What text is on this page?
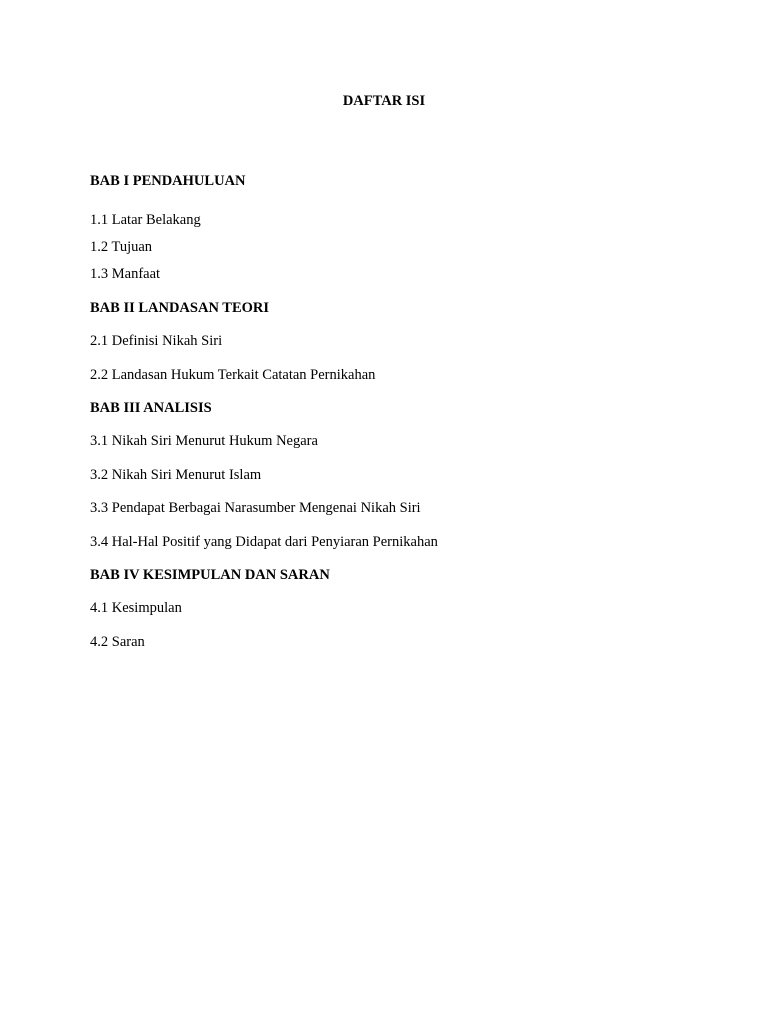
DAFTAR ISI
BAB I PENDAHULUAN
1.1 Latar Belakang
1.2 Tujuan
1.3 Manfaat
BAB II LANDASAN TEORI
2.1 Definisi Nikah Siri
2.2 Landasan Hukum Terkait Catatan Pernikahan
BAB III ANALISIS
3.1 Nikah Siri Menurut Hukum Negara
3.2 Nikah Siri Menurut Islam
3.3 Pendapat Berbagai Narasumber Mengenai Nikah Siri
3.4 Hal-Hal Positif yang Didapat dari Penyiaran Pernikahan
BAB IV KESIMPULAN DAN SARAN
4.1 Kesimpulan
4.2 Saran
